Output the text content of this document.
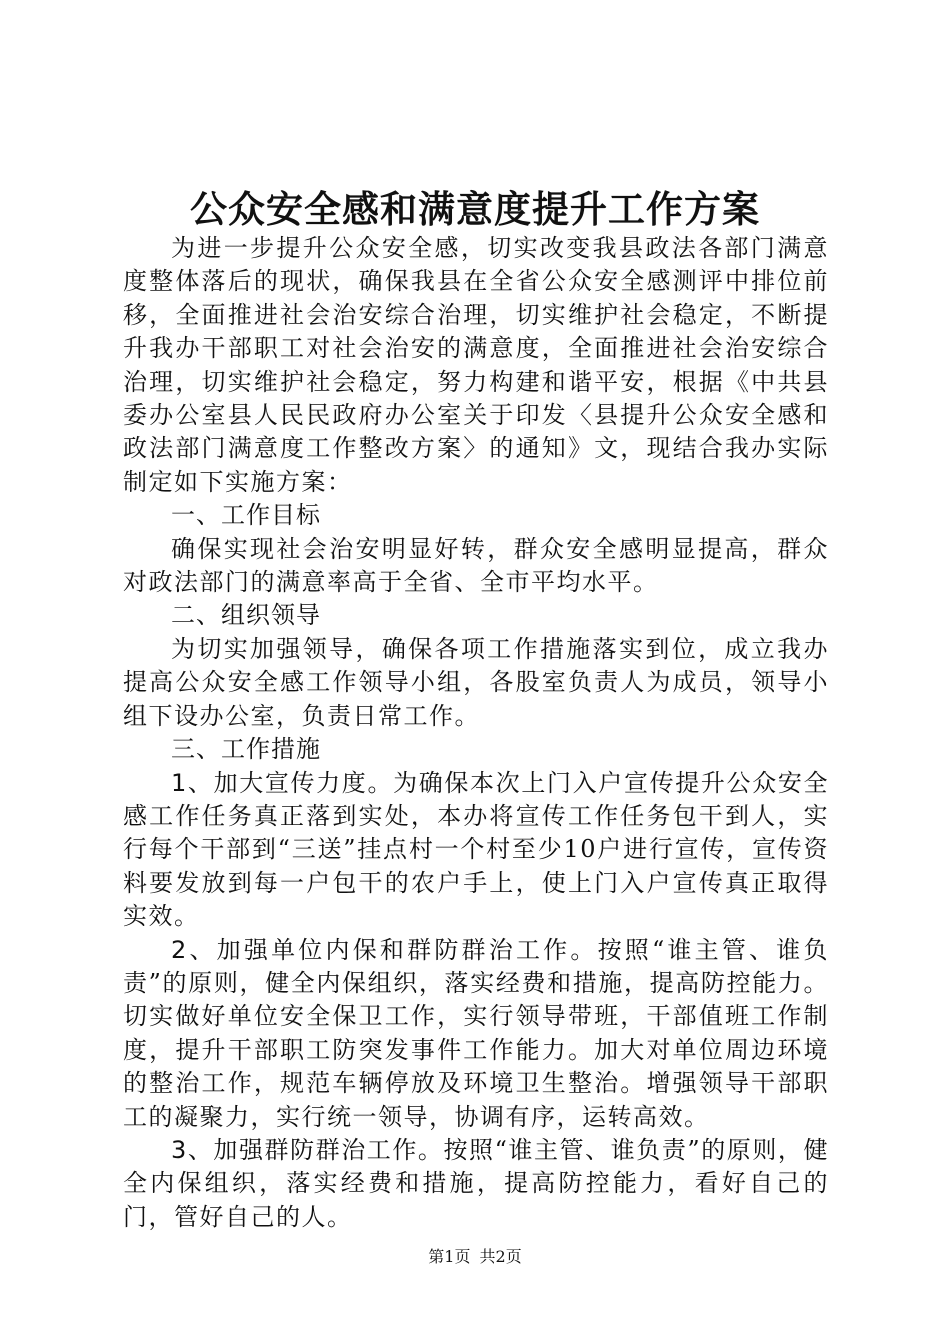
公众安全感和满意度提升工作方案

为进一步提升公众安全感，切实改变我县政法各部门满意度整体落后的现状，确保我县在全省公众安全感测评中排位前移，全面推进社会治安综合治理，切实维护社会稳定，不断提升我办干部职工对社会治安的满意度，全面推进社会治安综合治理，切实维护社会稳定，努力构建和谐平安，根据《中共县委办公室县人民民政府办公室关于印发〈县提升公众安全感和政法部门满意度工作整改方案〉的通知》文，现结合我办实际制定如下实施方案：

一、工作目标

确保实现社会治安明显好转，群众安全感明显提高，群众对政法部门的满意率高于全省、全市平均水平。

二、组织领导

为切实加强领导，确保各项工作措施落实到位，成立我办提高公众安全感工作领导小组，各股室负责人为成员，领导小组下设办公室，负责日常工作。

三、工作措施

1、加大宣传力度。为确保本次上门入户宣传提升公众安全感工作任务真正落到实处，本办将宣传工作任务包干到人，实行每个干部到“三送”挂点村一个村至少10户进行宣传，宣传资料要发放到每一户包干的农户手上，使上门入户宣传真正取得实效。

2、加强单位内保和群防群治工作。按照“谁主管、谁负责”的原则，健全内保组织，落实经费和措施，提高防控能力。切实做好单位安全保卫工作，实行领导带班，干部值班工作制度，提升干部职工防突发事件工作能力。加大对单位周边环境的整治工作，规范车辆停放及环境卫生整治。增强领导干部职工的凝聚力，实行统一领导，协调有序，运转高效。

3、加强群防群治工作。按照“谁主管、谁负责”的原则，健全内保组织，落实经费和措施，提高防控能力，看好自己的门，管好自己的人。

第1页 共2页
